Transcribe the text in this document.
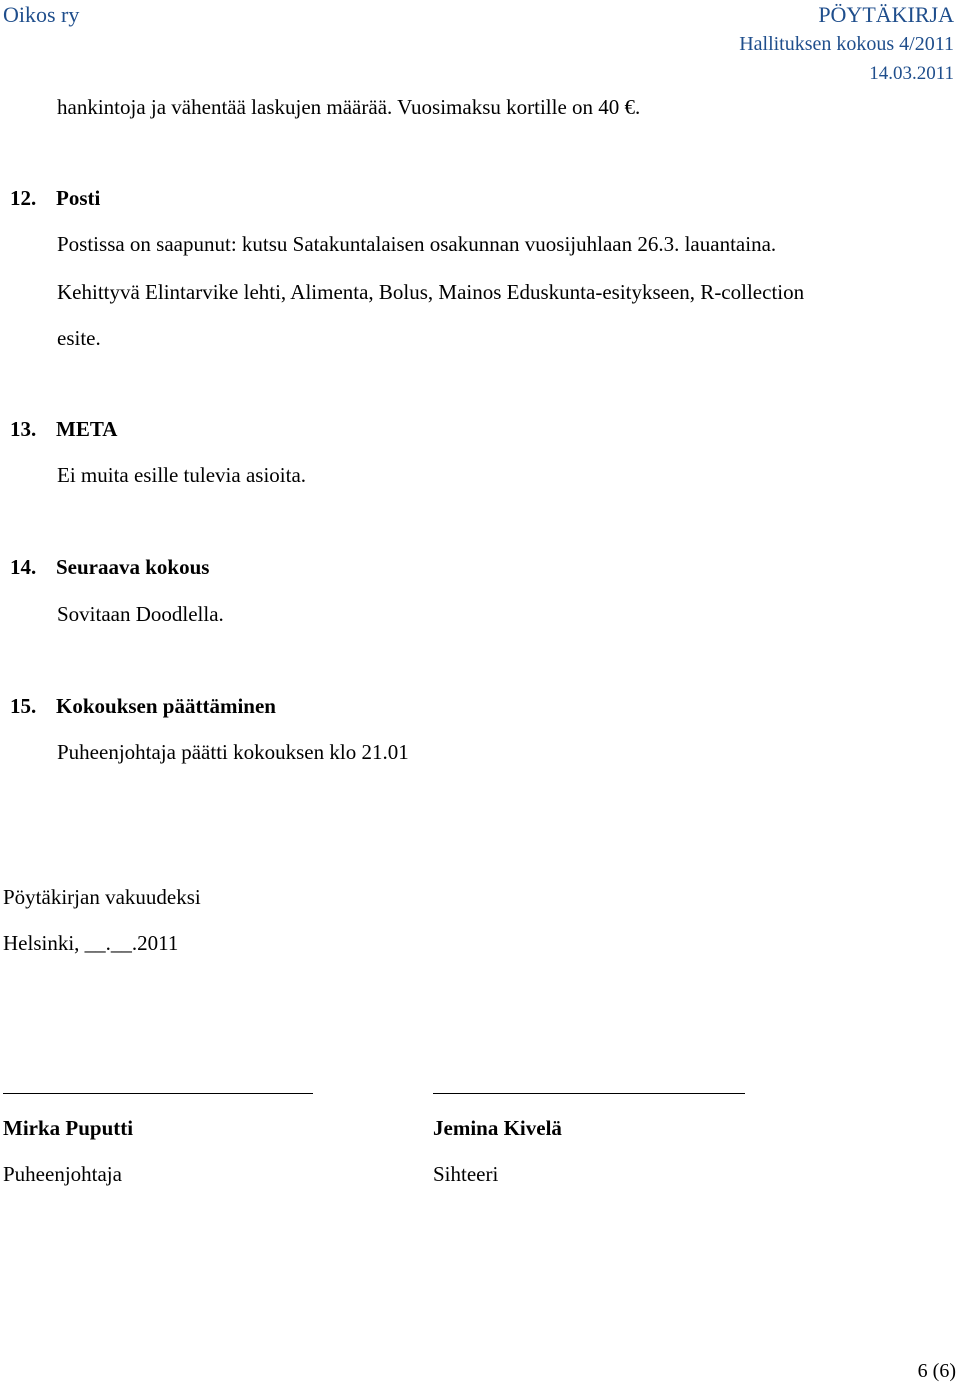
Oikos ry	PÖYTÄKIRJA
Hallituksen kokous 4/2011
14.03.2011
hankintoja ja vähentää laskujen määrää. Vuosimaksu kortille on 40 €.
12. Posti
Postissa on saapunut: kutsu Satakuntalaisen osakunnan vuosijuhlaan 26.3. lauantaina.
Kehittyvä Elintarvike lehti, Alimenta, Bolus, Mainos Eduskunta-esitykseen, R-collection
esite.
13. META
Ei muita esille tulevia asioita.
14. Seuraava kokous
Sovitaan Doodlella.
15. Kokouksen päättäminen
Puheenjohtaja päätti kokouksen klo 21.01
Pöytäkirjan vakuudeksi
Helsinki, __.__.2011
Mirka Puputti
Puheenjohtaja
Jemina Kivelä
Sihteeri
6 (6)
